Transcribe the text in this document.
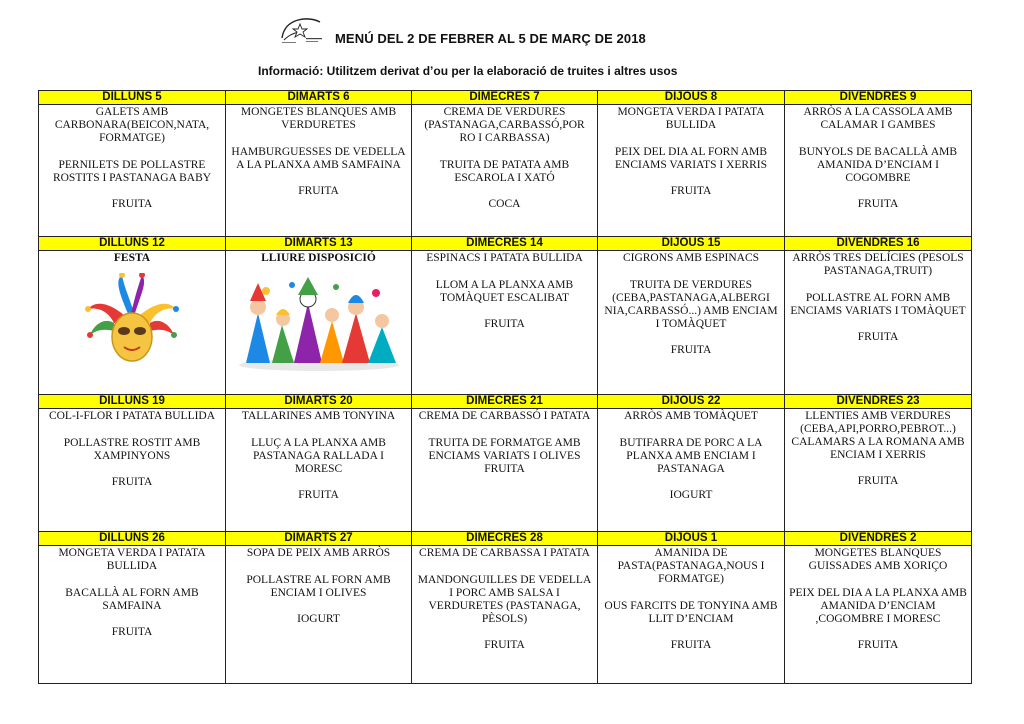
MENÚ DEL 2 DE FEBRER AL 5 DE MARÇ DE 2018
Informació: Utilitzem derivat d’ou per la elaboració de truites i altres usos
DILLUNS 5	DIMARTS 6	DIMECRES 7	DIJOUS 8	DIVENDRES 9

GALETS AMB CARBONARA(BEICON,NATA, FORMATGE)
PERNILETS DE POLLASTRE ROSTITS I PASTANAGA BABY
FRUITA	MONGETES BLANQUES AMB VERDURETES
HAMBURGUESSES DE VEDELLA A LA PLANXA AMB SAMFAINA
FRUITA	CREMA DE VERDURES (PASTANAGA,CARBASSÓ,POR RO I CARBASSA)
TRUITA DE PATATA AMB ESCAROLA I XATÓ
COCA	MONGETA VERDA I PATATA BULLIDA
PEIX DEL DIA AL FORN AMB ENCIAMS VARIATS I XERRIS
FRUITA	ARRÒS A LA CASSOLA AMB CALAMAR I GAMBES
BUNYOLS DE BACALLÀ AMB AMANIDA D’ENCIAM I COGOMBRE
FRUITA

DILLUNS 12	DIMARTS 13	DIMECRES 14	DIJOUS 15	DIVENDRES 16

FESTA	LLIURE DISPOSICIÓ	ESPINACS I PATATA BULLIDA
LLOM A LA PLANXA AMB TOMÀQUET ESCALIBAT
FRUITA	CIGRONS AMB ESPINACS
TRUITA DE VERDURES (CEBA,PASTANAGA,ALBERGI NIA,CARBASSÓ...) AMB ENCIAM I TOMÀQUET
FRUITA	ARRÒS TRES DELÍCIES (PESOLS PASTANAGA,TRUIT)
POLLASTRE AL FORN AMB ENCIAMS VARIATS I TOMÀQUET
FRUITA

DILLUNS 19	DIMARTS 20	DIMECRES 21	DIJOUS 22	DIVENDRES 23

COL-I-FLOR I PATATA BULLIDA
POLLASTRE ROSTIT AMB XAMPINYONS
FRUITA	TALLARINES AMB TONYINA
LLUÇ A LA PLANXA AMB PASTANAGA RALLADA I MORESC
FRUITA	CREMA DE CARBASSÓ I PATATA
TRUITA DE FORMATGE AMB ENCIAMS VARIATS I OLIVES
FRUITA	ARRÒS AMB TOMÀQUET
BUTIFARRA DE PORC A LA PLANXA AMB ENCIAM I PASTANAGA
IOGURT	LLENTIES AMB VERDURES (CEBA,API,PORRO,PEBROT...) CALAMARS A LA ROMANA AMB ENCIAM I XERRIS
FRUITA

DILLUNS 26	DIMARTS 27	DIMECRES 28	DIJOUS 1	DIVENDRES 2

MONGETA VERDA I PATATA BULLIDA
BACALLÀ AL FORN AMB SAMFAINA
FRUITA	SOPA DE PEIX AMB ARRÒS
POLLASTRE AL FORN AMB ENCIAM I OLIVES
IOGURT	CREMA DE CARBASSA I PATATA
MANDONGUILLES DE VEDELLA I PORC AMB SALSA I VERDURETES (PASTANAGA, PÈSOLS)
FRUITA	AMANIDA DE PASTA(PASTANAGA,NOUS I FORMATGE)
OUS FARCITS DE TONYINA AMB LLIT D’ENCIAM
FRUITA	MONGETES BLANQUES GUISSADES AMB XORIÇO
PEIX DEL DIA A LA PLANXA AMB AMANIDA D’ENCIAM ,COGOMBRE I MORESC
FRUITA
